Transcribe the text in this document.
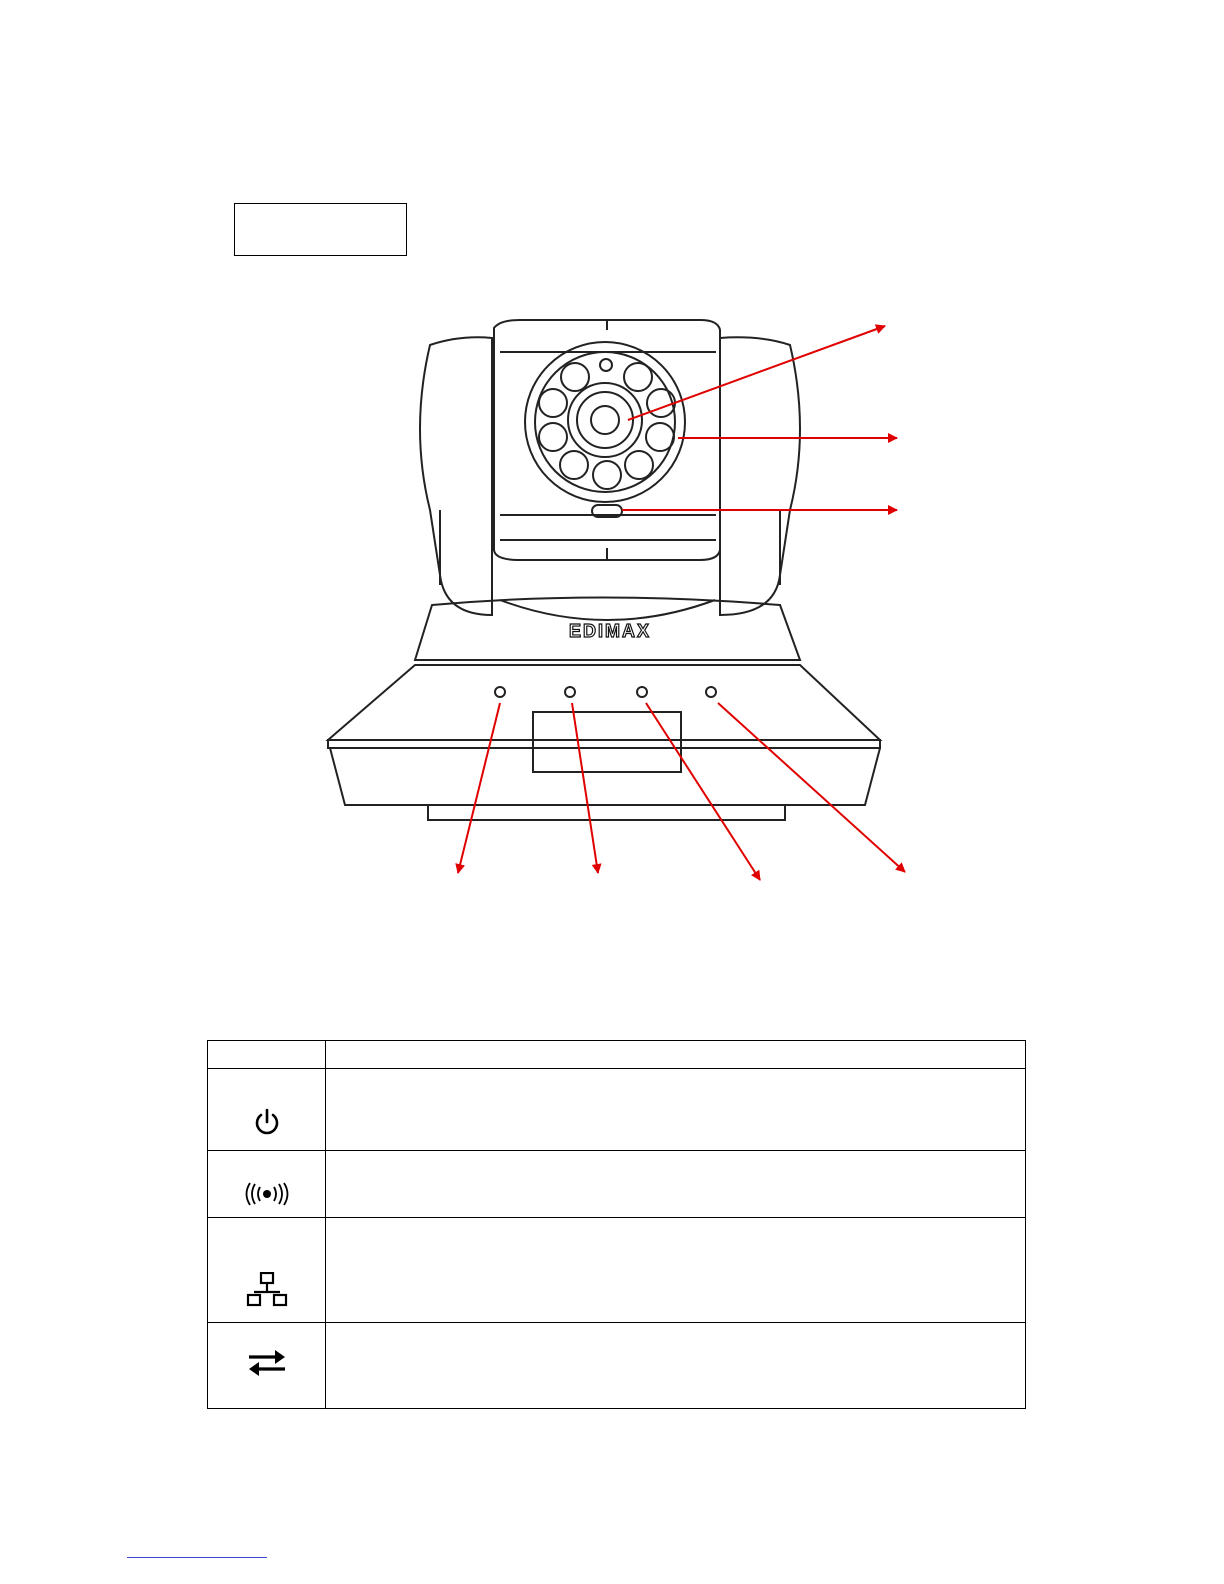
EDIMAX
